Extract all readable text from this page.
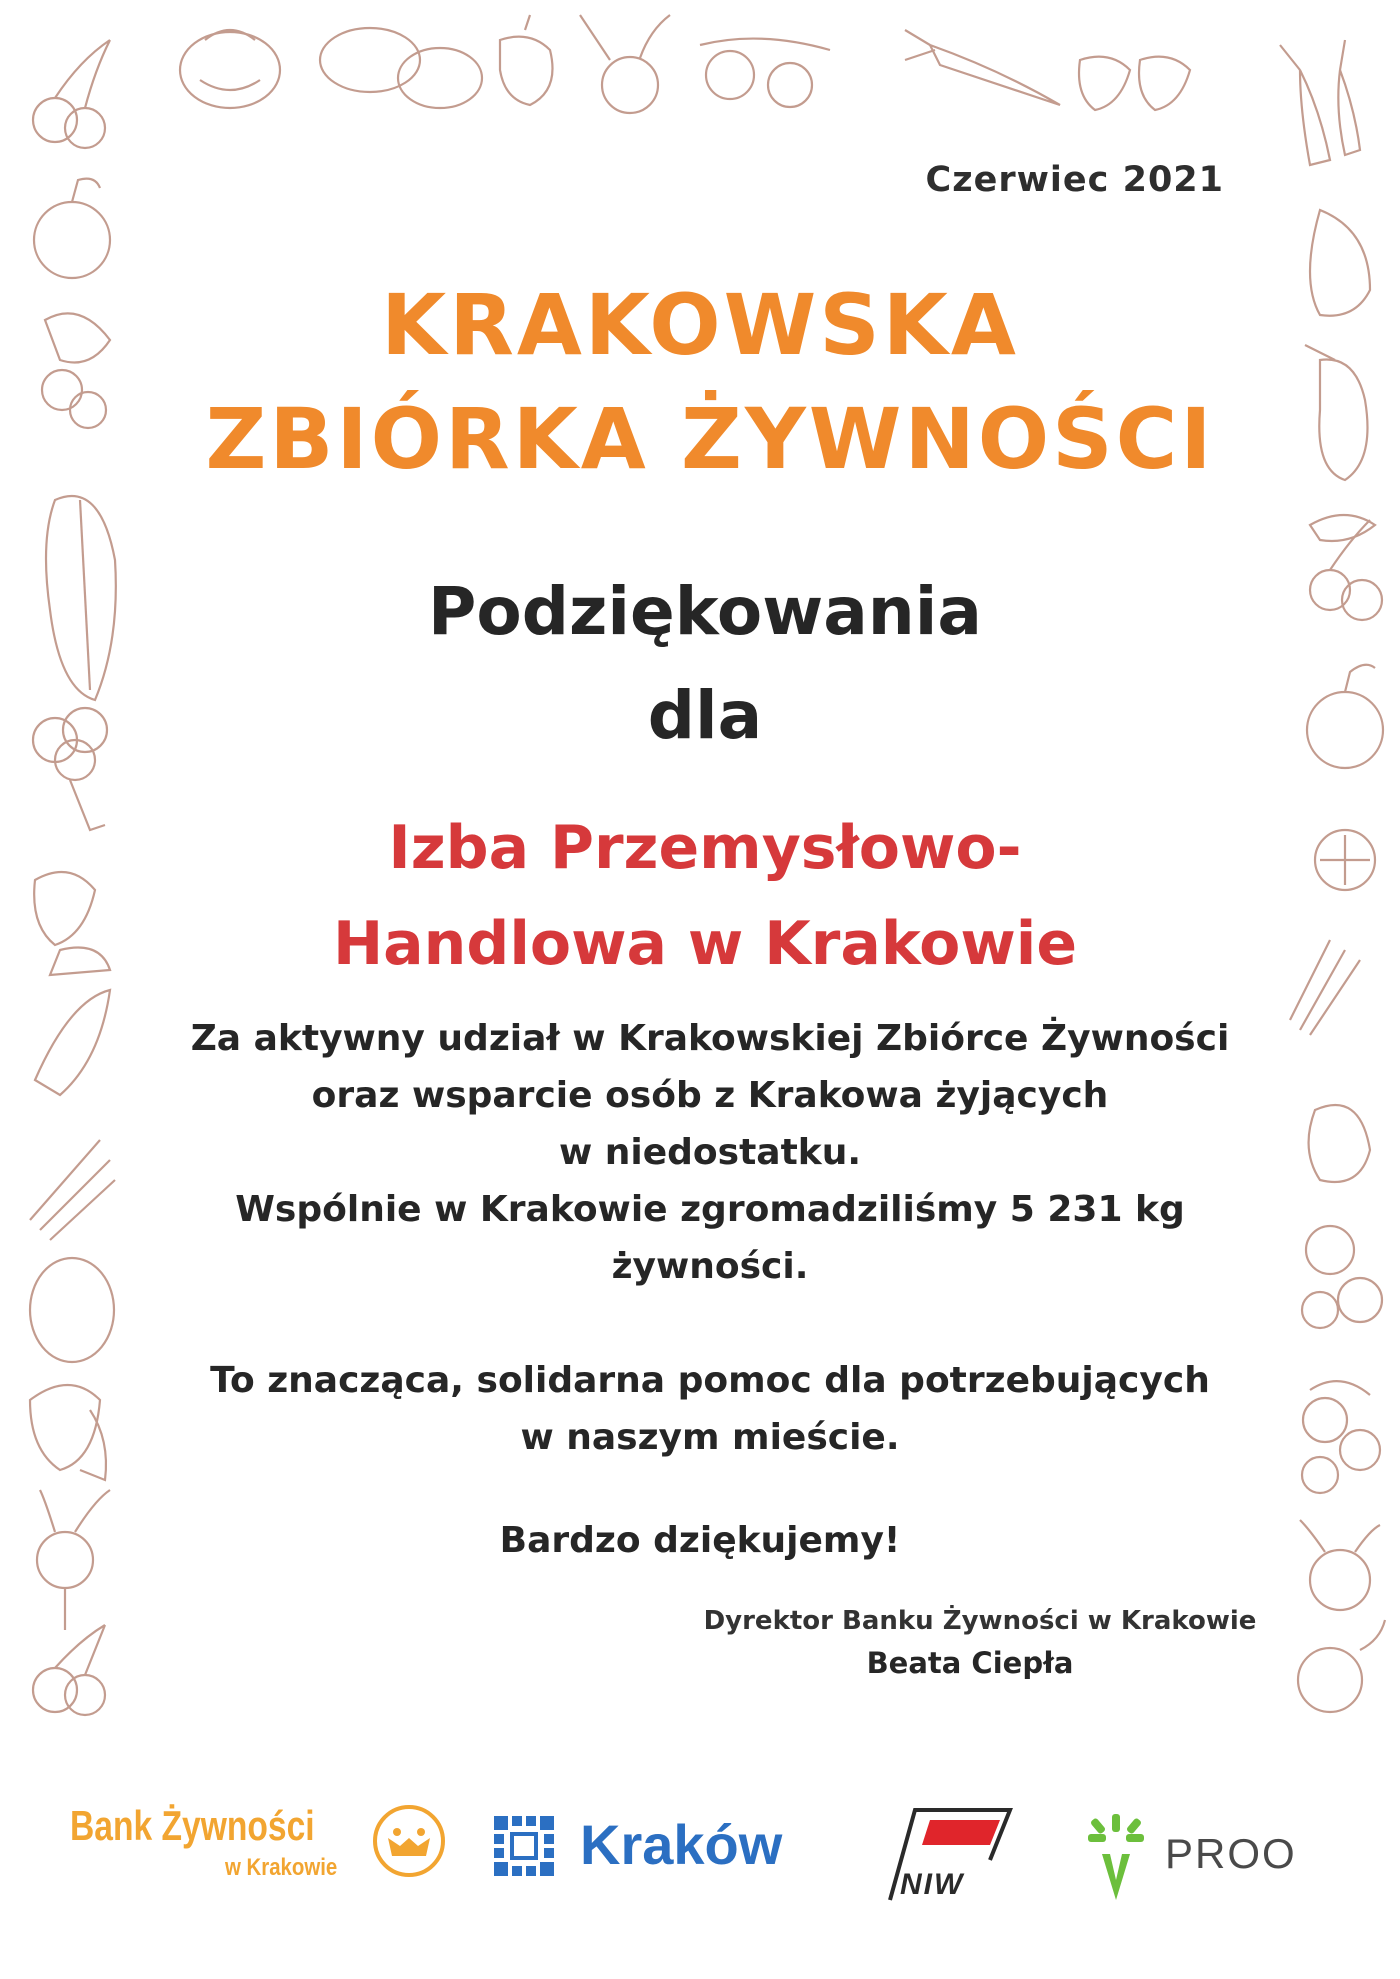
Czerwiec 2021
KRAKOWSKA

ZBIÓRKA ŻYWNOŚCI
Podziękowania
dla
Izba Przemysłowo-
Handlowa w Krakowie

Za aktywny udział w Krakowskiej Zbiórce Żywności

oraz wsparcie osób z Krakowa żyjących

w niedostatku.

Wspólnie w Krakowie zgromadziliśmy 5 231 kg

żywności.

To znacząca, solidarna pomoc dla potrzebujących

w naszym mieście.

Bardzo dziękujemy!
Dyrektor Banku Żywności w Krakowie
Beata Ciepła
Bank Żywności
w Krakowie	Kraków
NIW
PROO
